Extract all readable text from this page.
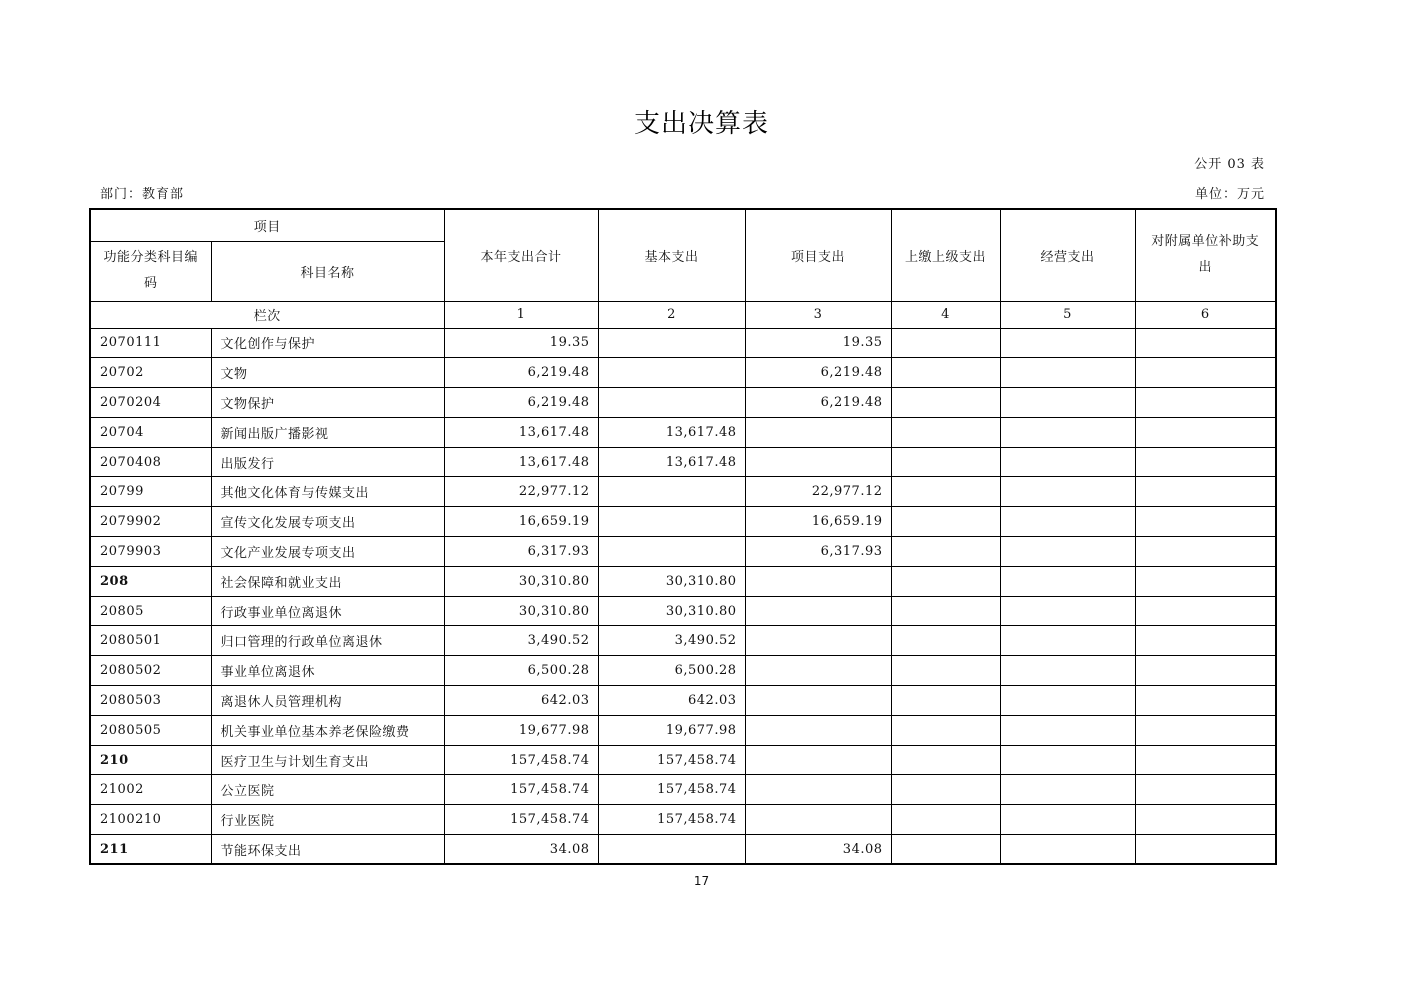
支出决算表
公开 03 表
部门：教育部	单位：万元
项目		本年支出合计	基本支出	项目支出	上缴上级支出	经营支出	对附属单位补助支出
功能分类科目编码	科目名称						
栏次		1	2	3	4	5	6
2070111	文化创作与保护	19.35		19.35			
20702	文物	6,219.48		6,219.48			
2070204	文物保护	6,219.48		6,219.48			
20704	新闻出版广播影视	13,617.48	13,617.48				
2070408	出版发行	13,617.48	13,617.48				
20799	其他文化体育与传媒支出	22,977.12		22,977.12			
2079902	宣传文化发展专项支出	16,659.19		16,659.19			
2079903	文化产业发展专项支出	6,317.93		6,317.93			
208	社会保障和就业支出	30,310.80	30,310.80				
20805	行政事业单位离退休	30,310.80	30,310.80				
2080501	归口管理的行政单位离退休	3,490.52	3,490.52				
2080502	事业单位离退休	6,500.28	6,500.28				
2080503	离退休人员管理机构	642.03	642.03				
2080505	机关事业单位基本养老保险缴费	19,677.98	19,677.98				
210	医疗卫生与计划生育支出	157,458.74	157,458.74				
21002	公立医院	157,458.74	157,458.74				
2100210	行业医院	157,458.74	157,458.74				
211	节能环保支出	34.08		34.08			
17
